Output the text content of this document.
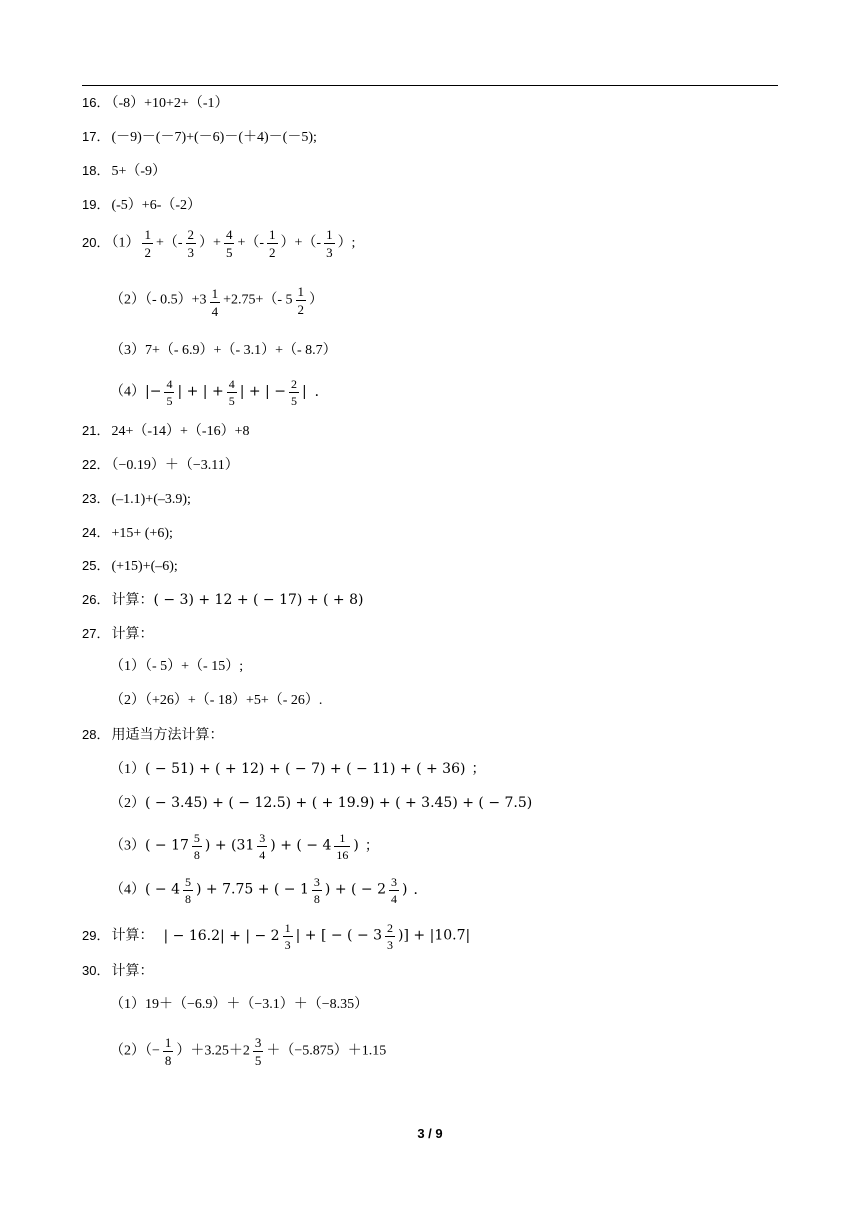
16． （-8）+10+2+（-1）
17． (－9)－(－7)+(－6)－(＋4)－(－5);
18． 5+（-9）
19． (-5）+6-（-2）
20． $(1) \frac{1}{2}$ +（- $\frac{2}{3}$ ）+ $\frac{4}{5}$ +（- $\frac{1}{2}$ ）+（- $\frac{1}{3}$ ）;
（2）（- $0.5)+3 \frac{1}{4} +2.75+(-$ $5 \frac{1}{2}$ ）
（3）7+（- 6.9）+（- 3.1）+（- 8.7）
$(4)|- \frac{4}{5}$ | + | + $\frac{4}{5}$ | + | − $\frac{2}{5}$ | ．
21． 24+（-14）+（-16）+8
22． （−0.19）＋（−3.11）
23． (–1.1)+(–3.9);
24． +15+ (+6);
25． (+15)+(–6);
26． 计算：( − 3) + 12 + ( − 17) + ( + 8)
27． 计算：
（1）（- 5）+（- 15）;
（2）（+26）+（- 18）+5+（- 26）.
28． 用适当方法计算：
（1）( − 51) + ( + 12) + ( − 7) + ( − 11) + ( + 36) ；
（2）( − 3.45) + ( − 12.5) + ( + 19.9) + ( + 3.45) + ( − 7.5)
$(3)( - 17 \frac{5}{8}$ ) + ($31 \frac{3}{4}$ ) + ( − $4 \frac{1}{16}$ ) ；
$(4)( - 4 \frac{5}{8}$ ) + 7.75 + ( − $1 \frac{3}{8}$ ) + ( − $2 \frac{3}{4}$ ) ．
29． 计算： | − 16.2| + | − $2 \frac{1}{3}$ | + [ − ( − $3 \frac{2}{3}$ )] + |10.7|
30． 计算：
（1）19＋（−6.9）＋（−3.1）＋（−8.35）
$(2)(- \frac{1}{8} )+3.25+2 \frac{3}{5} +(-5.875)+1.15$
3 / 9
